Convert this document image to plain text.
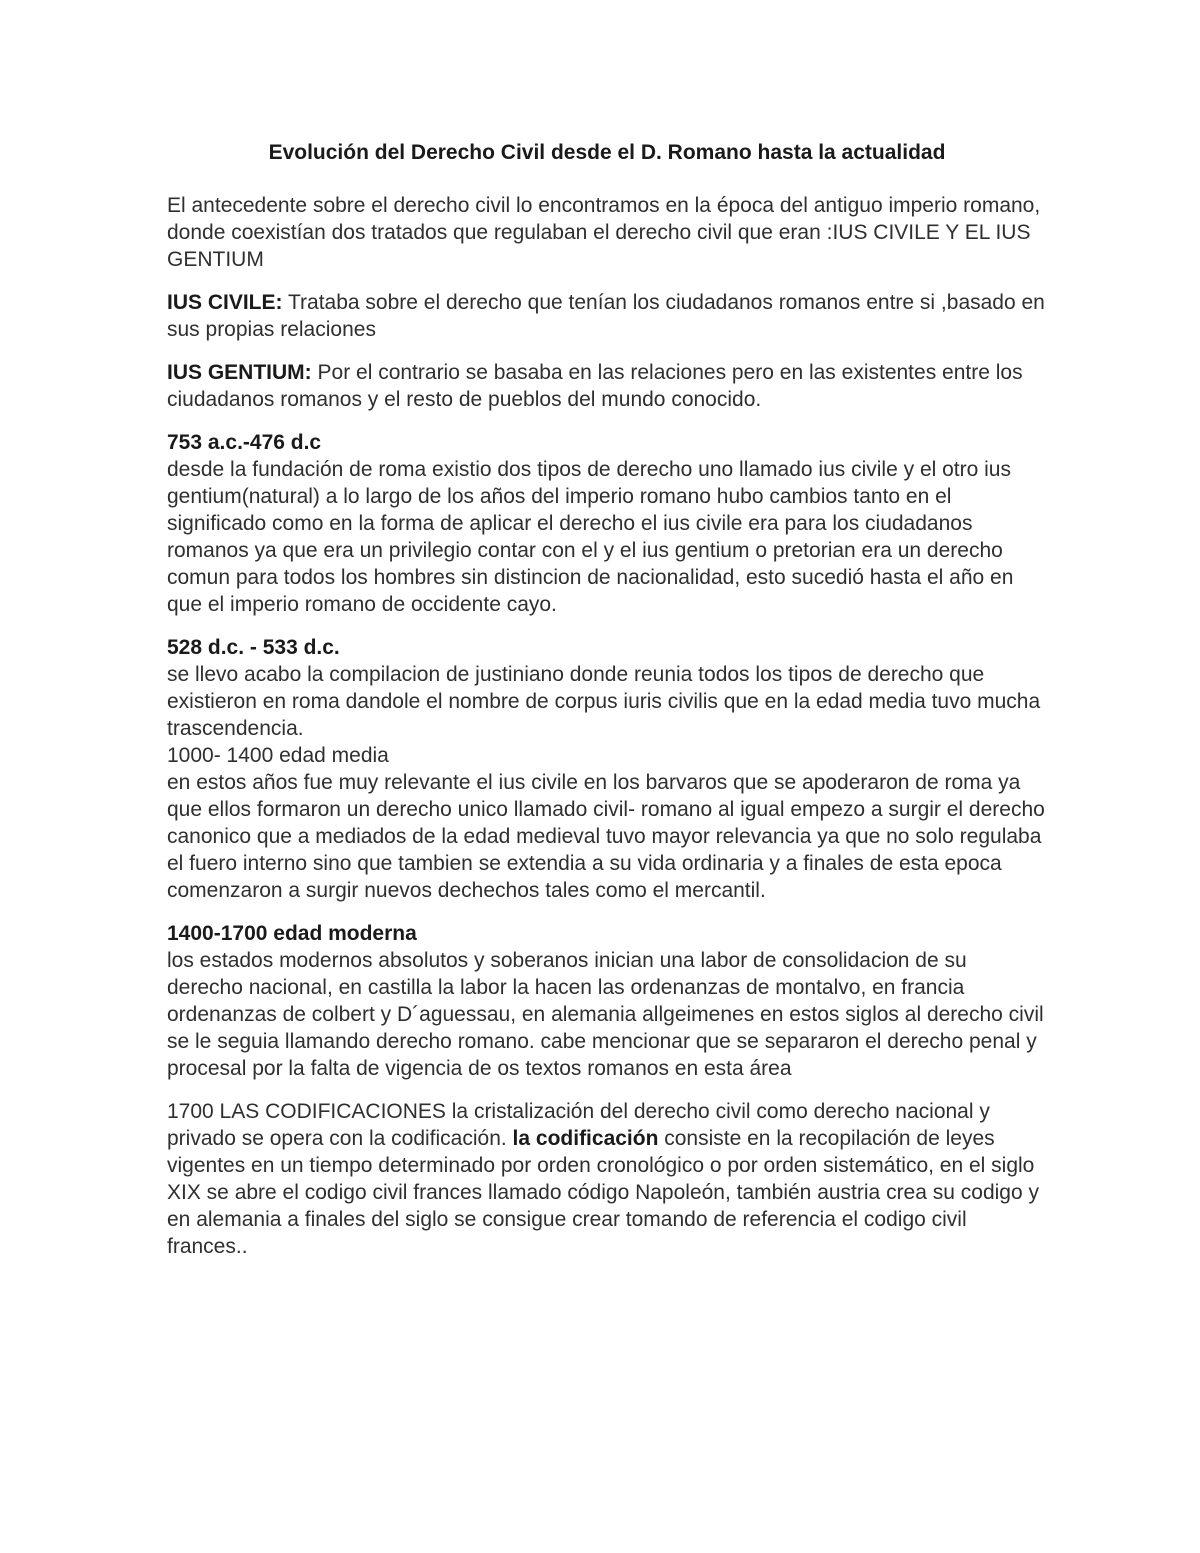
Evolución del Derecho Civil desde el D. Romano hasta la actualidad

El antecedente sobre el derecho civil lo encontramos en la época del antiguo imperio romano, donde coexistían dos tratados que regulaban el derecho civil que eran :IUS CIVILE Y EL IUS GENTIUM

IUS CIVILE: Trataba sobre el derecho que tenían los ciudadanos romanos entre si ,basado en sus propias relaciones

IUS GENTIUM: Por el contrario se basaba en las relaciones pero en las existentes entre los ciudadanos romanos y el resto de pueblos del mundo conocido.

753 a.c.-476 d.c

desde la fundación de roma existio dos tipos de derecho uno llamado ius civile y el otro ius gentium(natural) a lo largo de los años del imperio romano hubo cambios tanto en el significado como en la forma de aplicar el derecho el ius civile era para los ciudadanos romanos ya que era un privilegio contar con el y el ius gentium o pretorian era un derecho comun para todos los hombres sin distincion de nacionalidad, esto sucedió hasta el año en que el imperio romano de occidente cayo.

528 d.c. - 533 d.c.

se llevo acabo la compilacion de justiniano donde reunia todos los tipos de derecho que existieron en roma dandole el nombre de corpus iuris civilis que en la edad media tuvo mucha trascendencia.

1000- 1400 edad media

en estos años fue muy relevante el ius civile en los barvaros que se apoderaron de roma ya que ellos formaron un derecho unico llamado civil- romano al igual empezo a surgir el derecho canonico que a mediados de la edad medieval tuvo mayor relevancia ya que no solo regulaba el fuero interno sino que tambien se extendia a su vida ordinaria y a finales de esta epoca comenzaron a surgir nuevos dechechos tales como el mercantil.

1400-1700 edad moderna

los estados modernos absolutos y soberanos inician una labor de consolidacion de su derecho nacional, en castilla la labor la hacen las ordenanzas de montalvo, en francia ordenanzas de colbert y D´aguessau, en alemania allgeimenes en estos siglos al derecho civil se le seguia llamando derecho romano. cabe mencionar que se separaron el derecho penal y procesal por la falta de vigencia de os textos romanos en esta área

1700 LAS CODIFICACIONES la cristalización del derecho civil como derecho nacional y privado se opera con la codificación. la codificación consiste en la recopilación de leyes vigentes en un tiempo determinado por orden cronológico o por orden sistemático, en el siglo XIX se abre el codigo civil frances llamado código Napoleón, también austria crea su codigo y en alemania a finales del siglo se consigue crear tomando de referencia el codigo civil frances..
